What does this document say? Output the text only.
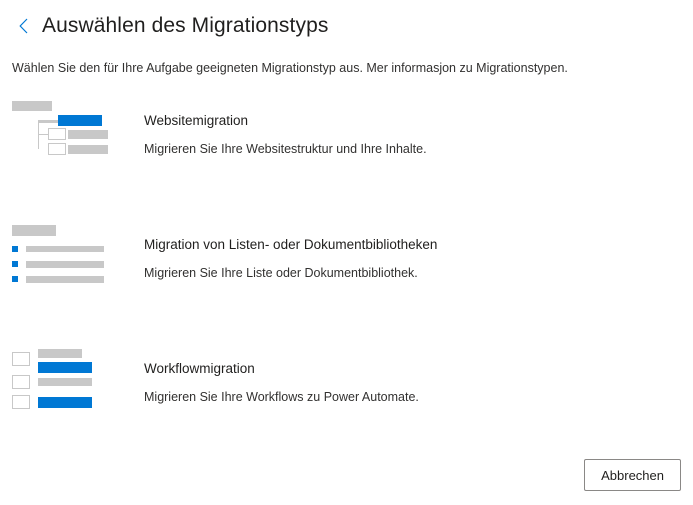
Auswählen des Migrationstyps
Wählen Sie den für Ihre Aufgabe geeigneten Migrationstyp aus. Mer informasjon zu Migrationstypen.
Websitemigration
Migrieren Sie Ihre Websitestruktur und Ihre Inhalte.
Migration von Listen- oder Dokumentbibliotheken
Migrieren Sie Ihre Liste oder Dokumentbibliothek.
Workflowmigration
Migrieren Sie Ihre Workflows zu Power Automate.
Abbrechen
